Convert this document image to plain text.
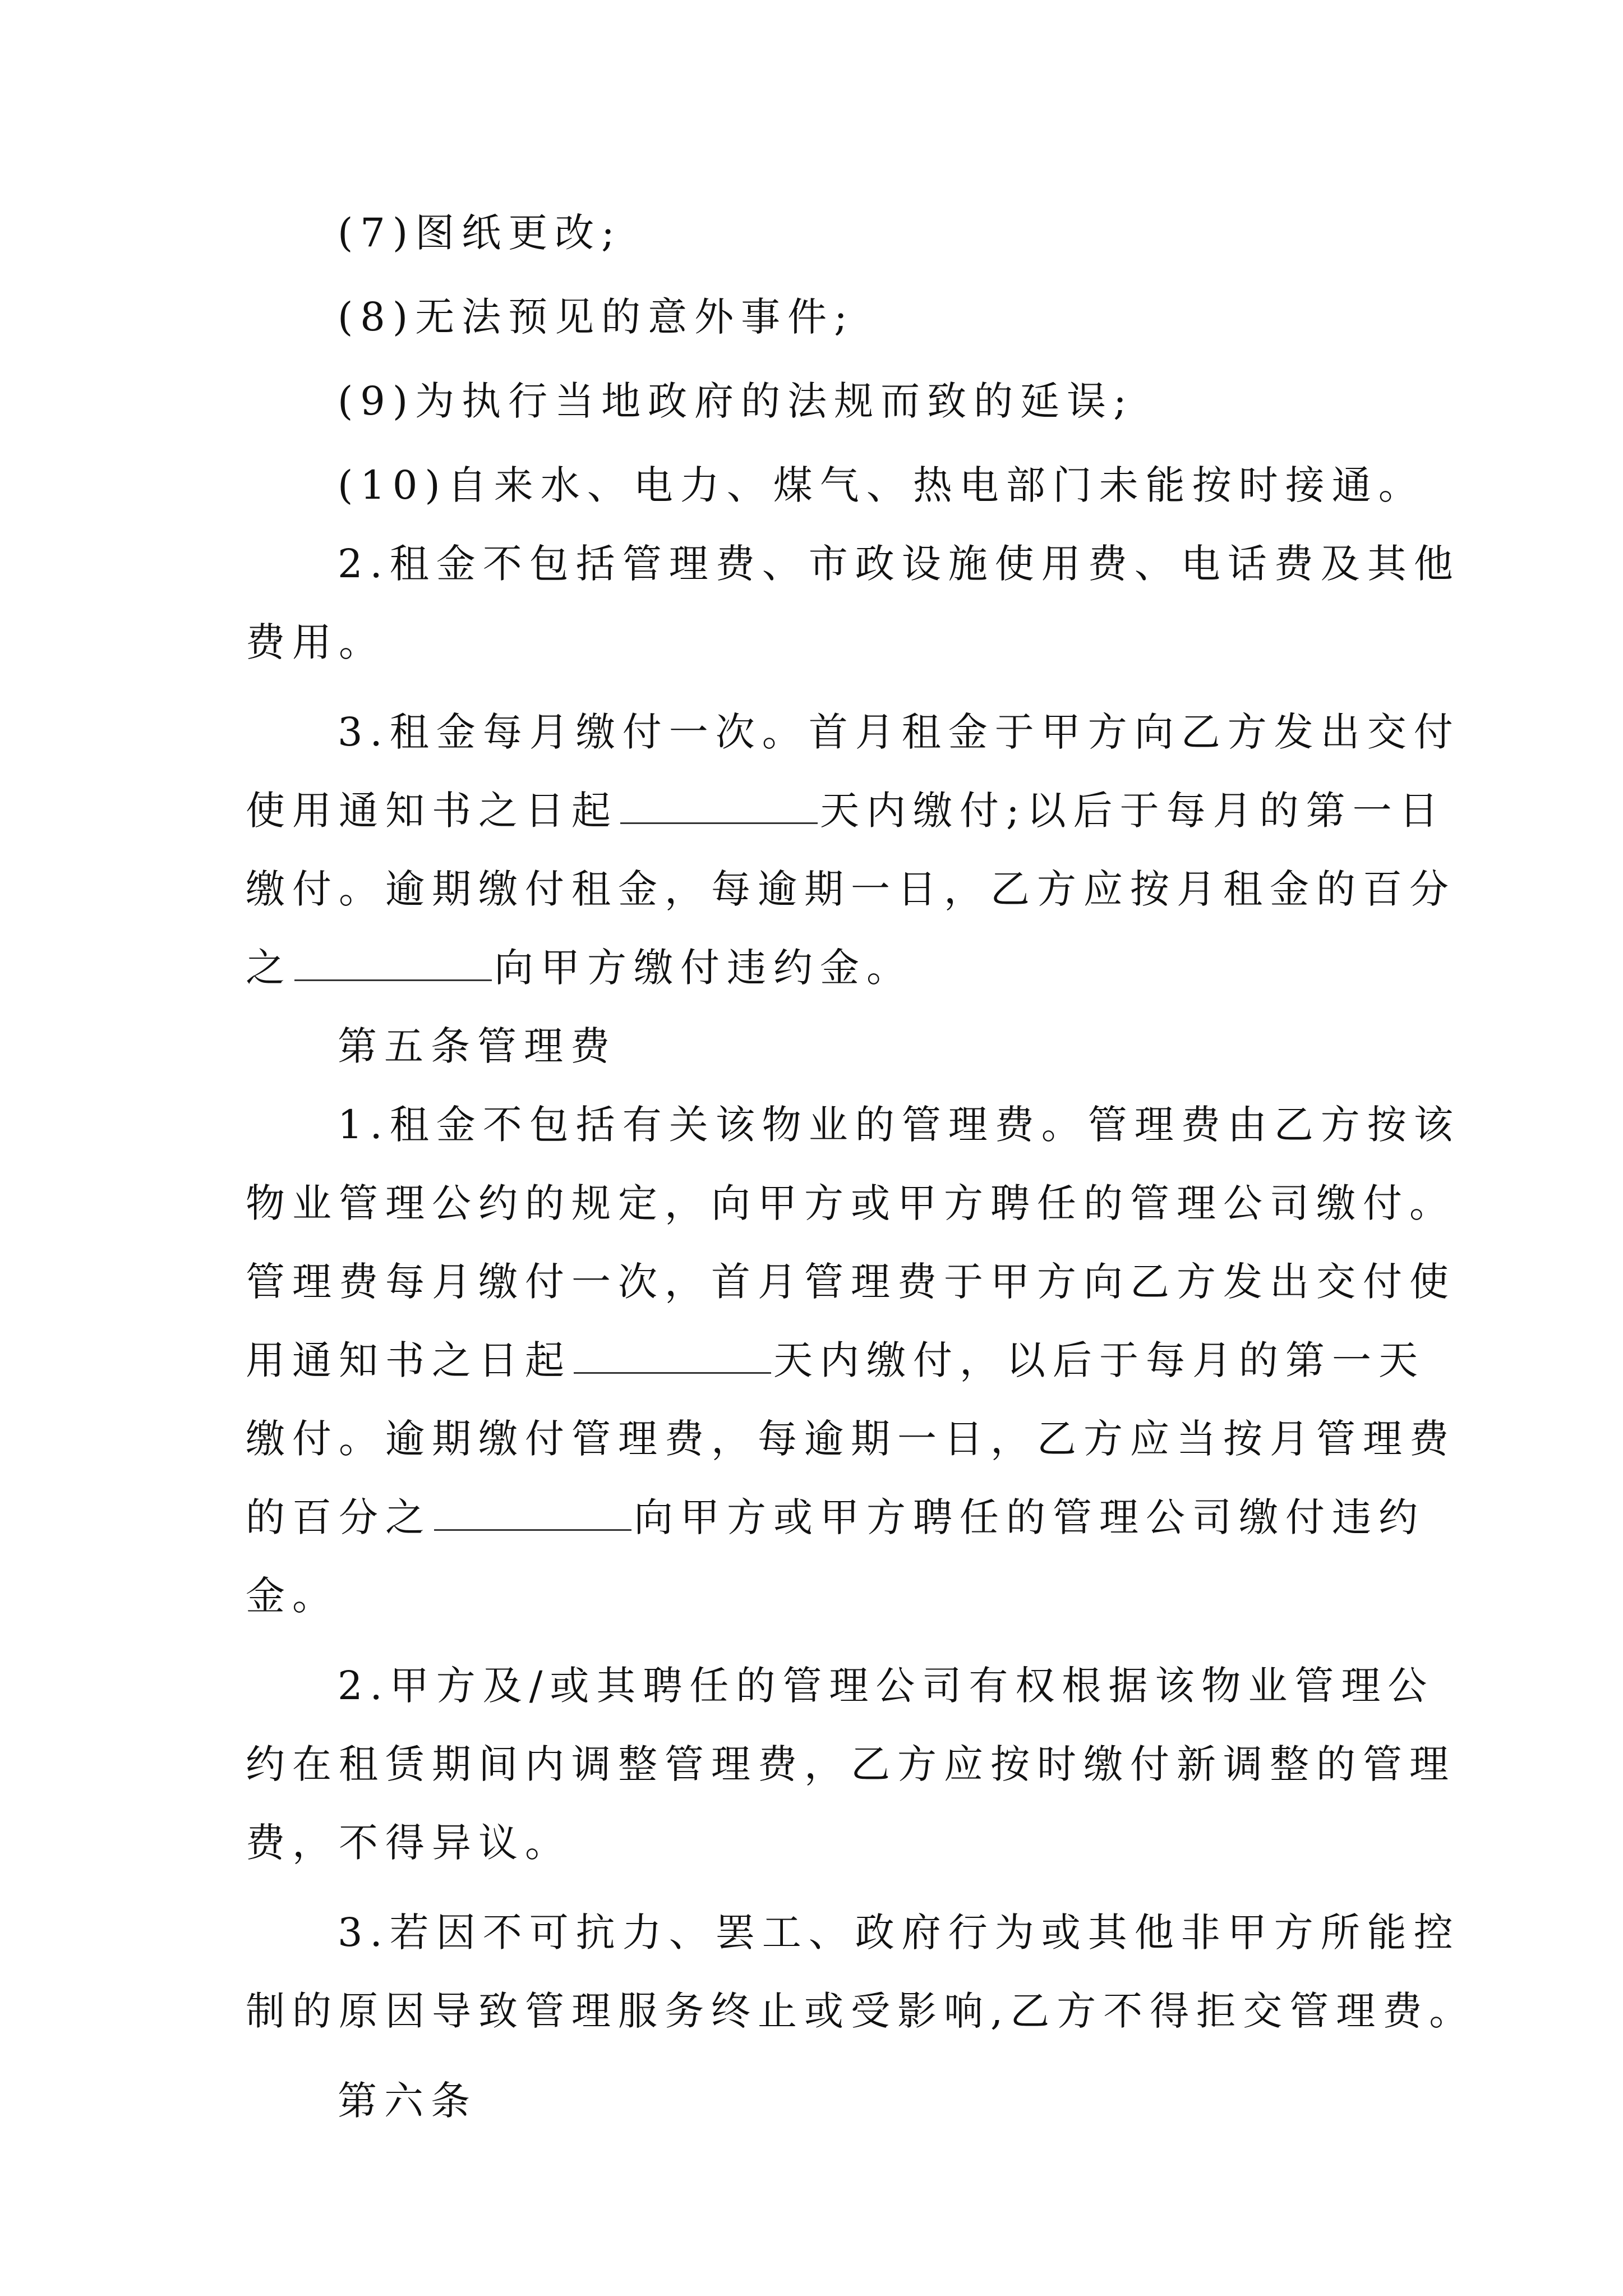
(7)图纸更改;
(8)无法预见的意外事件;
(9)为执行当地政府的法规而致的延误;
(10)自来水、电力、煤气、热电部门未能按时接通。
2.租金不包括管理费、市政设施使用费、电话费及其他
费用。
3.租金每月缴付一次。首月租金于甲方向乙方发出交付
使用通知书之日起	天内缴付;以后于每月的第一日
缴付。逾期缴付租金，每逾期一日，乙方应按月租金的百分
之	向甲方缴付违约金。
第五条管理费
1.租金不包括有关该物业的管理费。管理费由乙方按该
物业管理公约的规定，向甲方或甲方聘任的管理公司缴付。
管理费每月缴付一次，首月管理费于甲方向乙方发出交付使
用通知书之日起	天内缴付，以后于每月的第一天
缴付。逾期缴付管理费，每逾期一日，乙方应当按月管理费
的百分之	向甲方或甲方聘任的管理公司缴付违约
金。
2.甲方及/或其聘任的管理公司有权根据该物业管理公
约在租赁期间内调整管理费，乙方应按时缴付新调整的管理
费，不得异议。
3.若因不可抗力、罢工、政府行为或其他非甲方所能控
制的原因导致管理服务终止或受影响,乙方不得拒交管理费。
第六条
